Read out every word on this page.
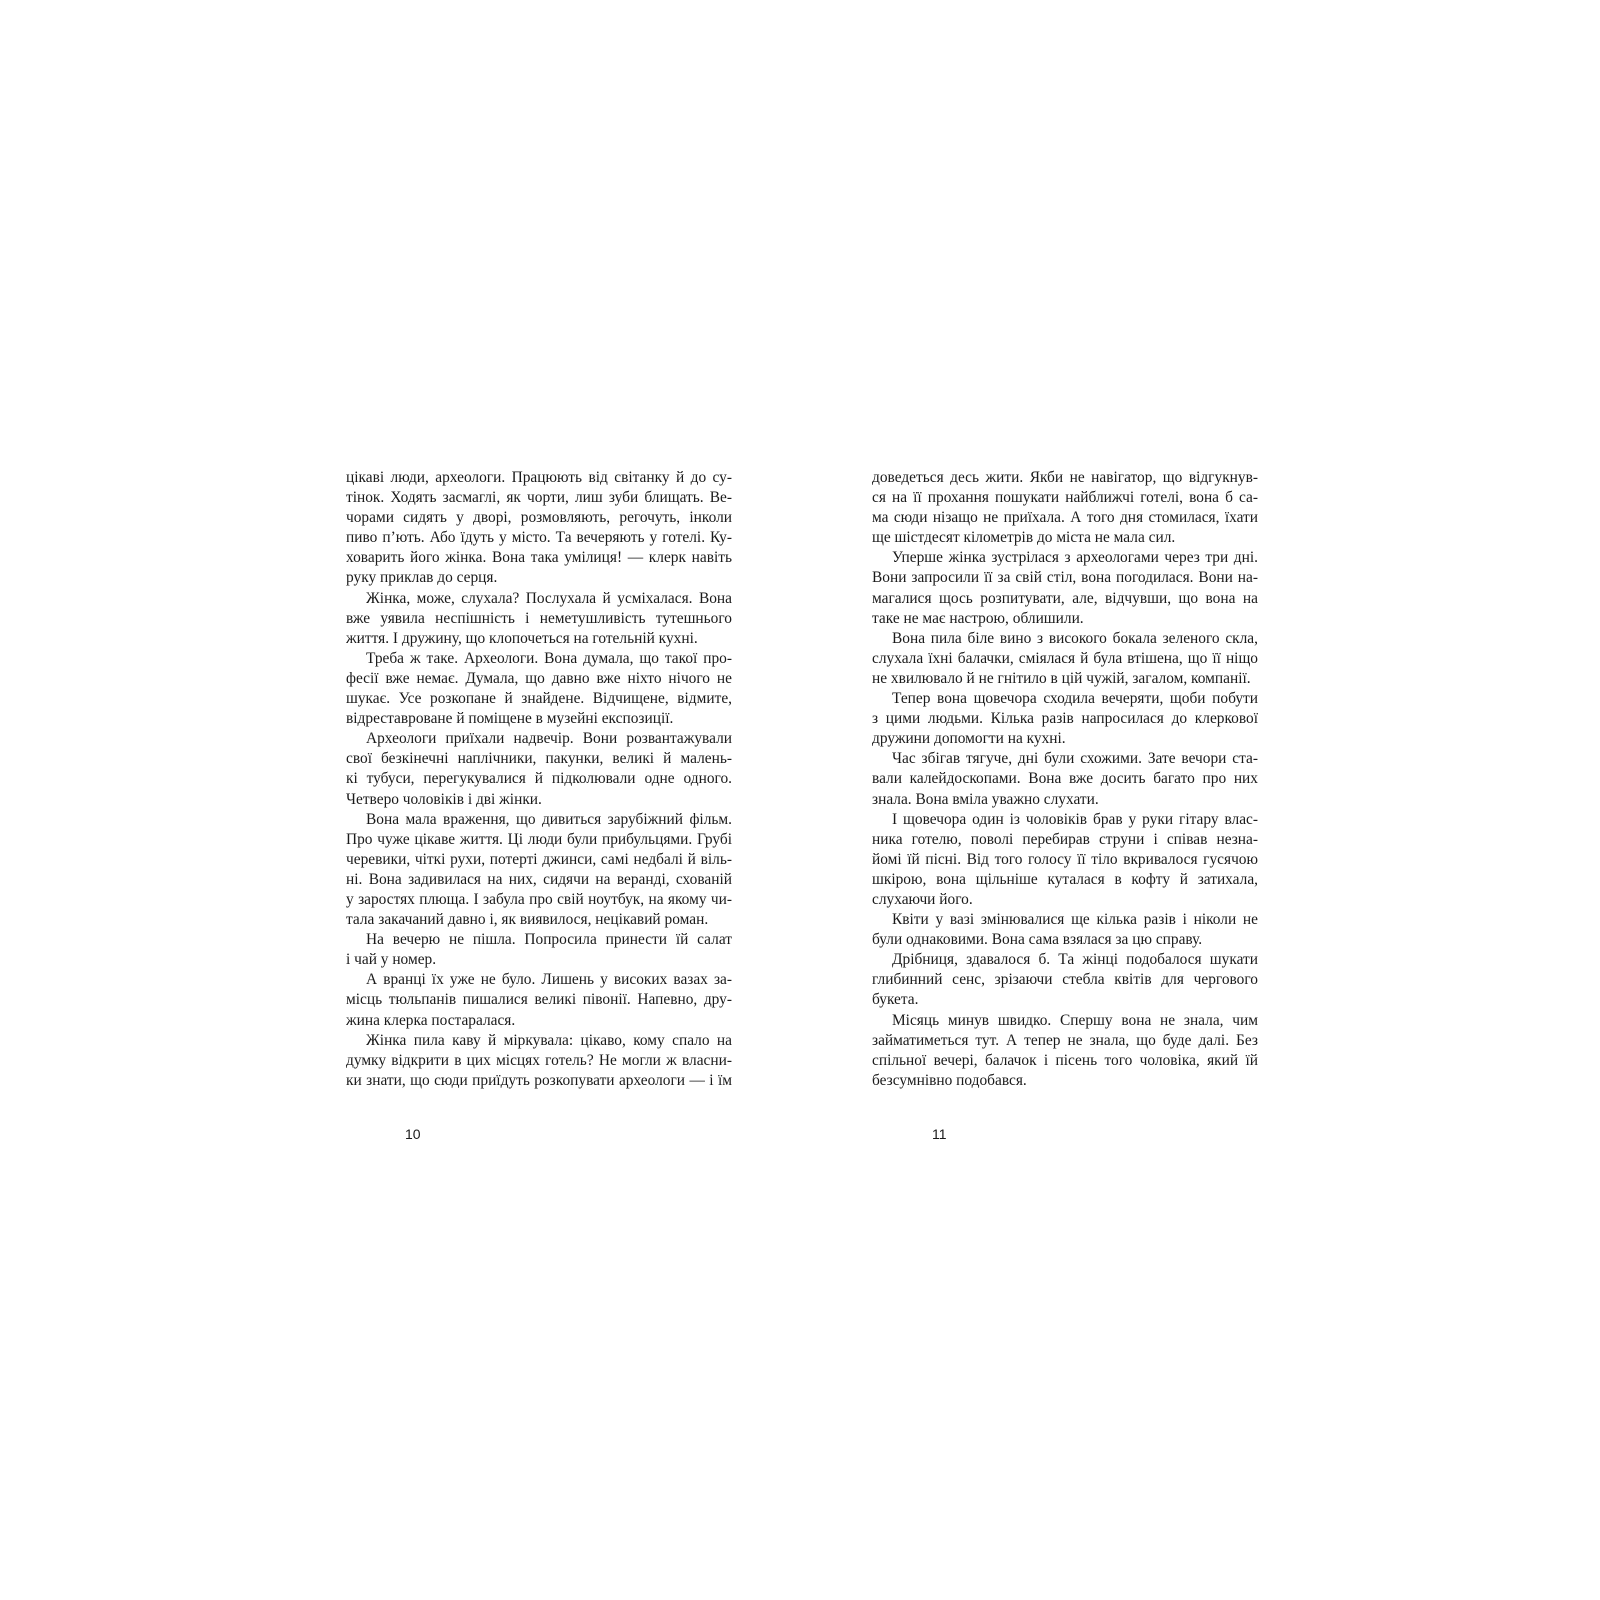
цікаві люди, археологи. Працюють від світанку й до су-
тінок. Ходять засмаглі, як чорти, лиш зуби блищать. Ве-
чорами сидять у дворі, розмовляють, регочуть, інколи
пиво п’ють. Або їдуть у місто. Та вечеряють у готелі. Ку-
ховарить його жінка. Вона така умілиця! — клерк навіть
руку приклав до серця.
Жінка, може, слухала? Послухала й усміхалася. Вона
вже уявила неспішність і неметушливість тутешнього
життя. І дружину, що клопочеться на готельній кухні.
Треба ж таке. Археологи. Вона думала, що такої про-
фесії вже немає. Думала, що давно вже ніхто нічого не
шукає. Усе розкопане й знайдене. Відчищене, відмите,
відреставроване й поміщене в музейні експозиції.
Археологи приїхали надвечір. Вони розвантажували
свої безкінечні наплічники, пакунки, великі й малень-
кі тубуси, перегукувалися й підколювали одне одного.
Четверо чоловіків і дві жінки.
Вона мала враження, що дивиться зарубіжний фільм.
Про чуже цікаве життя. Ці люди були прибульцями. Грубі
черевики, чіткі рухи, потерті джинси, самі недбалі й віль-
ні. Вона задивилася на них, сидячи на веранді, схованій
у заростях плюща. І забула про свій ноутбук, на якому чи-
тала закачаний давно і, як виявилося, нецікавий роман.
На вечерю не пішла. Попросила принести їй салат
і чай у номер.
А вранці їх уже не було. Лишень у високих вазах за-
місць тюльпанів пишалися великі півонії. Напевно, дру-
жина клерка постаралася.
Жінка пила каву й міркувала: цікаво, кому спало на
думку відкрити в цих місцях готель? Не могли ж власни-
ки знати, що сюди приїдуть розкопувати археологи — і їм
10
доведеться десь жити. Якби не навігатор, що відгукнув-
ся на її прохання пошукати найближчі готелі, вона б са-
ма сюди нізащо не приїхала. А того дня стомилася, їхати
ще шістдесят кілометрів до міста не мала сил.
Уперше жінка зустрілася з археологами через три дні.
Вони запросили її за свій стіл, вона погодилася. Вони на-
магалися щось розпитувати, але, відчувши, що вона на
таке не має настрою, облишили.
Вона пила біле вино з високого бокала зеленого скла,
слухала їхні балачки, сміялася й була втішена, що її ніщо
не хвилювало й не гнітило в цій чужій, загалом, компанії.
Тепер вона щовечора сходила вечеряти, щоби побути
з цими людьми. Кілька разів напросилася до клеркової
дружини допомогти на кухні.
Час збігав тягуче, дні були схожими. Зате вечори ста-
вали калейдоскопами. Вона вже досить багато про них
знала. Вона вміла уважно слухати.
І щовечора один із чоловіків брав у руки гітару влас-
ника готелю, поволі перебирав струни і співав незна-
йомі їй пісні. Від того голосу її тіло вкривалося гусячою
шкірою, вона щільніше куталася в кофту й затихала,
слухаючи його.
Квіти у вазі змінювалися ще кілька разів і ніколи не
були однаковими. Вона сама взялася за цю справу.
Дрібниця, здавалося б. Та жінці подобалося шукати
глибинний сенс, зрізаючи стебла квітів для чергового
букета.
Місяць минув швидко. Спершу вона не знала, чим
займатиметься тут. А тепер не знала, що буде далі. Без
спільної вечері, балачок і пісень того чоловіка, який їй
безсумнівно подобався.
11
